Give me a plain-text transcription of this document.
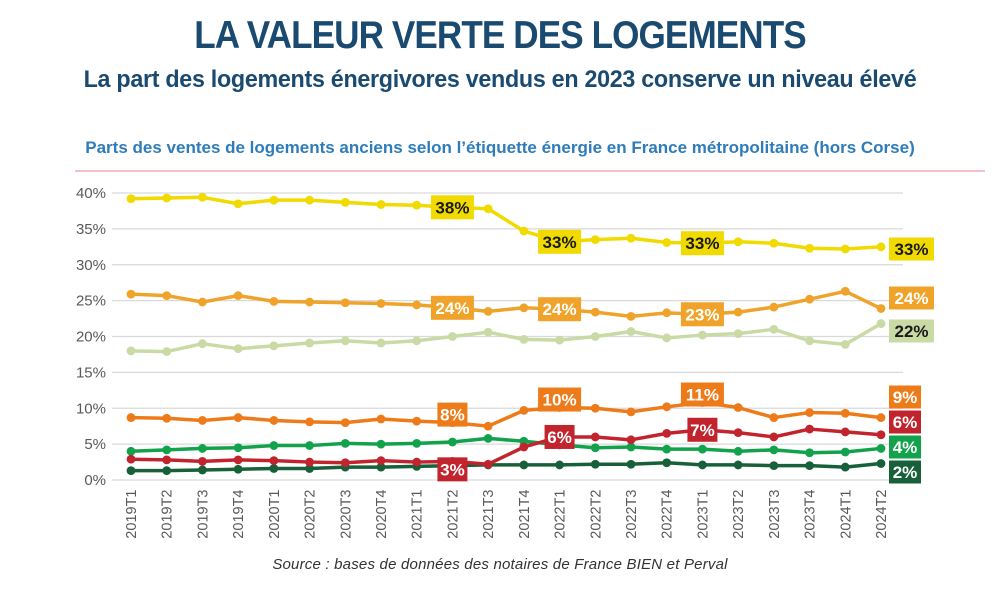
LA VALEUR VERTE DES LOGEMENTS
La part des logements énergivores vendus en 2023 conserve un niveau élevé
Parts des ventes de logements anciens selon l’étiquette énergie en France métropolitaine (hors Corse)
0%
5%
10%
15%
20%
25%
30%
35%
40%
2019T1 2019T2 2019T3 2019T4 2020T1 2020T2 2020T3 2020T4 2021T1 2021T2 2021T3 2021T4 2022T1 2022T2 2022T3 2022T4 2023T1 2023T2 2023T3 2023T4 2024T1 2024T2
38%
33%	33%	33%
24%	24%	23%
24%
22%
8%
10%	11%	9%
3%
6%	7%	6%
4%
2%
Source : bases de données des notaires de France BIEN et Perval
